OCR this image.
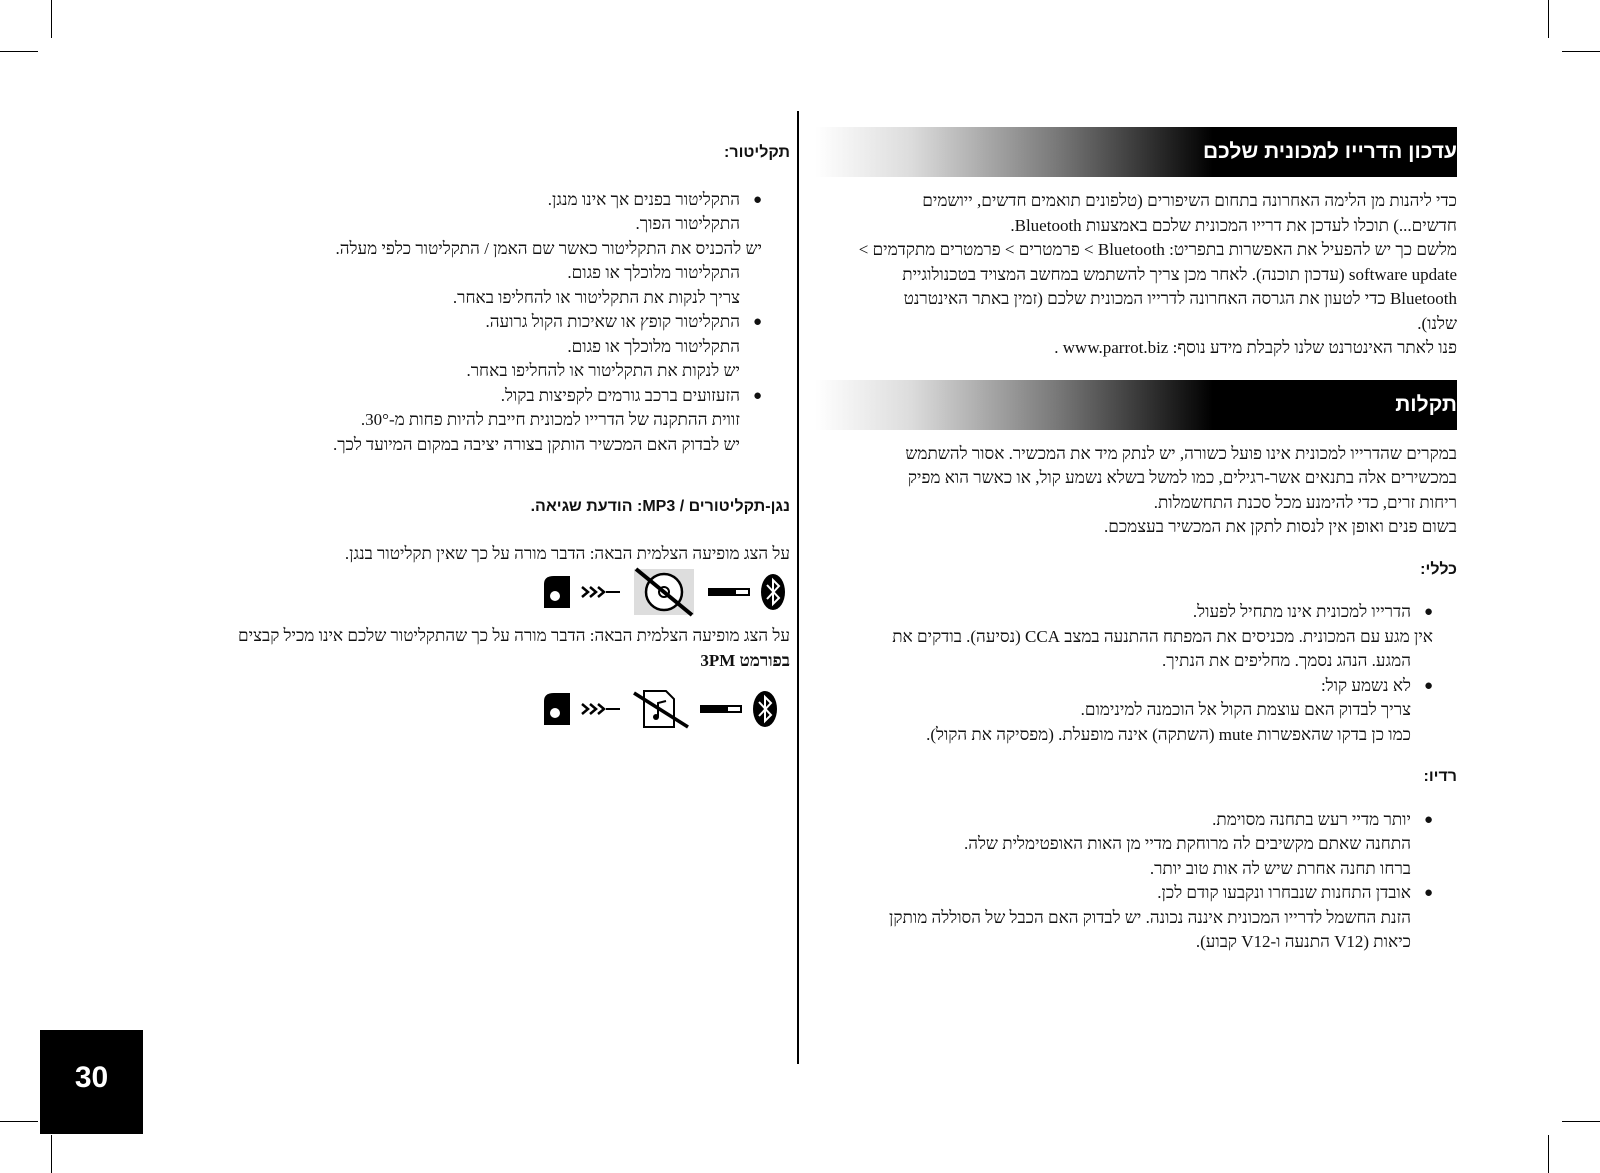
עדכון הדרייו למכונית שלכם

כדי ליהנות מן הלימה האחרונה בתחום השיפורים (טלפונים תואמים חדשים, ייושמים

חדשים...) תוכלו לעדכן את דרייו המכונית שלכם באמצעות Bluetooth.

מלשם כך יש להפעיל את האפשרות בתפריט: Bluetooth > פרמטרים > פרמטרים מתקדמים >

software update (עדכון תוכנה). לאחר מכן צריך להשתמש במחשב המצויד בטכנולוגיית

Bluetooth כדי לטעון את הגרסה האחרונה לדרייו המכונית שלכם (זמין באתר האינטרנט

שלנו).

פנו לאתר האינטרנט שלנו לקבלת מידע נוסף: www.parrot.biz .

תקלות

במקרים שהדרייו למכונית אינו פועל כשורה, יש לנתק מיד את המכשיר. אסור להשתמש

במכשירים אלה בתנאים אשר-רגילים, כמו למשל בשלא נשמע קול, או כאשר הוא מפיק

ריחות זרים, כדי להימנע מכל סכנת התחשמלות.

בשום פנים ואופן אין לנסות לתקן את המכשיר בעצמכם.

כללי:

● הדרייו למכונית אינו מתחיל לפעול.

אין מגע עם המכונית. מכניסים את המפתח ההתנעה במצב CCA (נסיעה). בודקים את

המגע. הנהג נסמך. מחליפים את הנתיך.

● לא נשמע קול:

צריך לבדוק האם עוצמת הקול אל הוכמנה למינימום.

כמו כן בדקו שהאפשרות mute (השתקה) אינה מופעלת. (מפסיקה את הקול).

רדיו:

● יותר מדיי רעש בתחנה מסוימת.

התחנה שאתם מקשיבים לה מרוחקת מדיי מן האות האופטימלית שלה.

ברחו תחנה אחרת שיש לה אות טוב יותר.

● אובדן התחנות שנבחרו ונקבעו קודם לכן.

הזנת החשמל לדרייו המכונית איננה נכונה. יש לבדוק האם הכבל של הסוללה מותקן

כיאות (V12 התנעה ו-V12 קבוע).

תקליטור:

● התקליטור בפנים אך אינו מנגן.

התקליטור הפוך.

יש להכניס את התקליטור כאשר שם האמן / התקליטור כלפי מעלה.

התקליטור מלוכלך או פגום.

צריך לנקות את התקליטור או להחליפו באחר.

● התקליטור קופץ או שאיכות הקול גרועה.

התקליטור מלוכלך או פגום.

יש לנקות את התקליטור או להחליפו באחר.

● הזעזועים ברכב גורמים לקפיצות בקול.

זווית ההתקנה של הדרייו למכונית חייבת להיות פחות מ-30°.

יש לבדוק האם המכשיר הותקן בצורה יציבה במקום המיועד לכך.

נגן-תקליטורים / MP3: הודעת שגיאה.

על הצג מופיעה הצלמית הבאה: הדבר מורה על כך שאין תקליטור בנגן.

על הצג מופיעה הצלמית הבאה: הדבר מורה על כך שהתקליטור שלכם אינו מכיל קבצים

בפורמט 3PM

30
